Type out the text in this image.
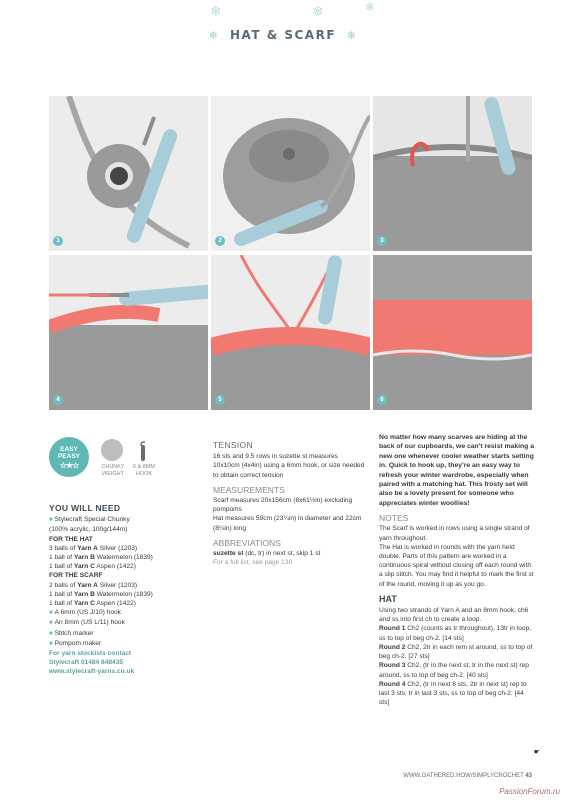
❄	❄	❄
❄ HAT & SCARF ❄
1	2	3
4	5	6
EASY
PEASY
☆★☆	CHUNKY
WEIGHT
6 & 8MM
HOOK
YOU WILL NEED
■ Stylecraft Special Chunky
(100% acrylic, 100g/144m)
FOR THE HAT
3 balls of Yarn A Silver (1203)
1 ball of Yarn B Watermelon (1839)
1 ball of Yarn C Aspen (1422)
FOR THE SCARF
2 balls of Yarn A Silver (1203)
1 ball of Yarn B Watermelon (1839)
1 ball of Yarn C Aspen (1422)
■ A 6mm (US J/10) hook
■ An 8mm (US L/11) hook
■ Stitch marker
■ Pompom maker
For yarn stockists contact
Stylecraft 01484 848435
www.stylecraft-yarns.co.uk
TENSION
16 sts and 9.5 rows in suzette st measures 10x10cm (4x4in) using a 6mm hook, or size needed to obtain correct tension
MEASUREMENTS
Scarf measures 20x156cm (8x61½in) excluding pompoms
Hat measures 59cm (23¼in) in diameter and 22cm (8¼in) long
ABBREVIATIONS
suzette st (dc, tr) in next st, skip 1 st
For a full list, see page 130
No matter how many scarves are hiding at the back of our cupboards, we can't resist making a new one whenever cooler weather starts setting in. Quick to hook up, they're an easy way to refresh your winter wardrobe, especially when paired with a matching hat. This frosty set will also be a lovely present for someone who appreciates winter woollies!
NOTES
The Scarf is worked in rows using a single strand of yarn throughout.
The Hat is worked in rounds with the yarn held double. Parts of this pattern are worked in a continuous spiral without closing off each round with a slip stitch. You may find it helpful to mark the first st of the round, moving it up as you go.
HAT
Using two strands of Yarn A and an 8mm hook, ch6 and ss into first ch to create a loop.
Round 1 Ch2 (counts as tr throughout), 13tr in loop, ss to top of beg ch-2. [14 sts]
Round 2 Ch2, 2tr in each rem st around, ss to top of beg ch-2. [27 sts]
Round 3 Ch2, (tr in the next st, tr in the next st) rep around, ss to top of beg ch-2. [40 sts]
Round 4 Ch2, (tr in next 8 sts, 2tr in next st) rep to last 3 sts, tr in last 3 sts, ss to top of beg ch-2. [44 sts]
☛
WWW.GATHERED.HOW/SIMPLYCROCHET 43
PassionForum.ru
